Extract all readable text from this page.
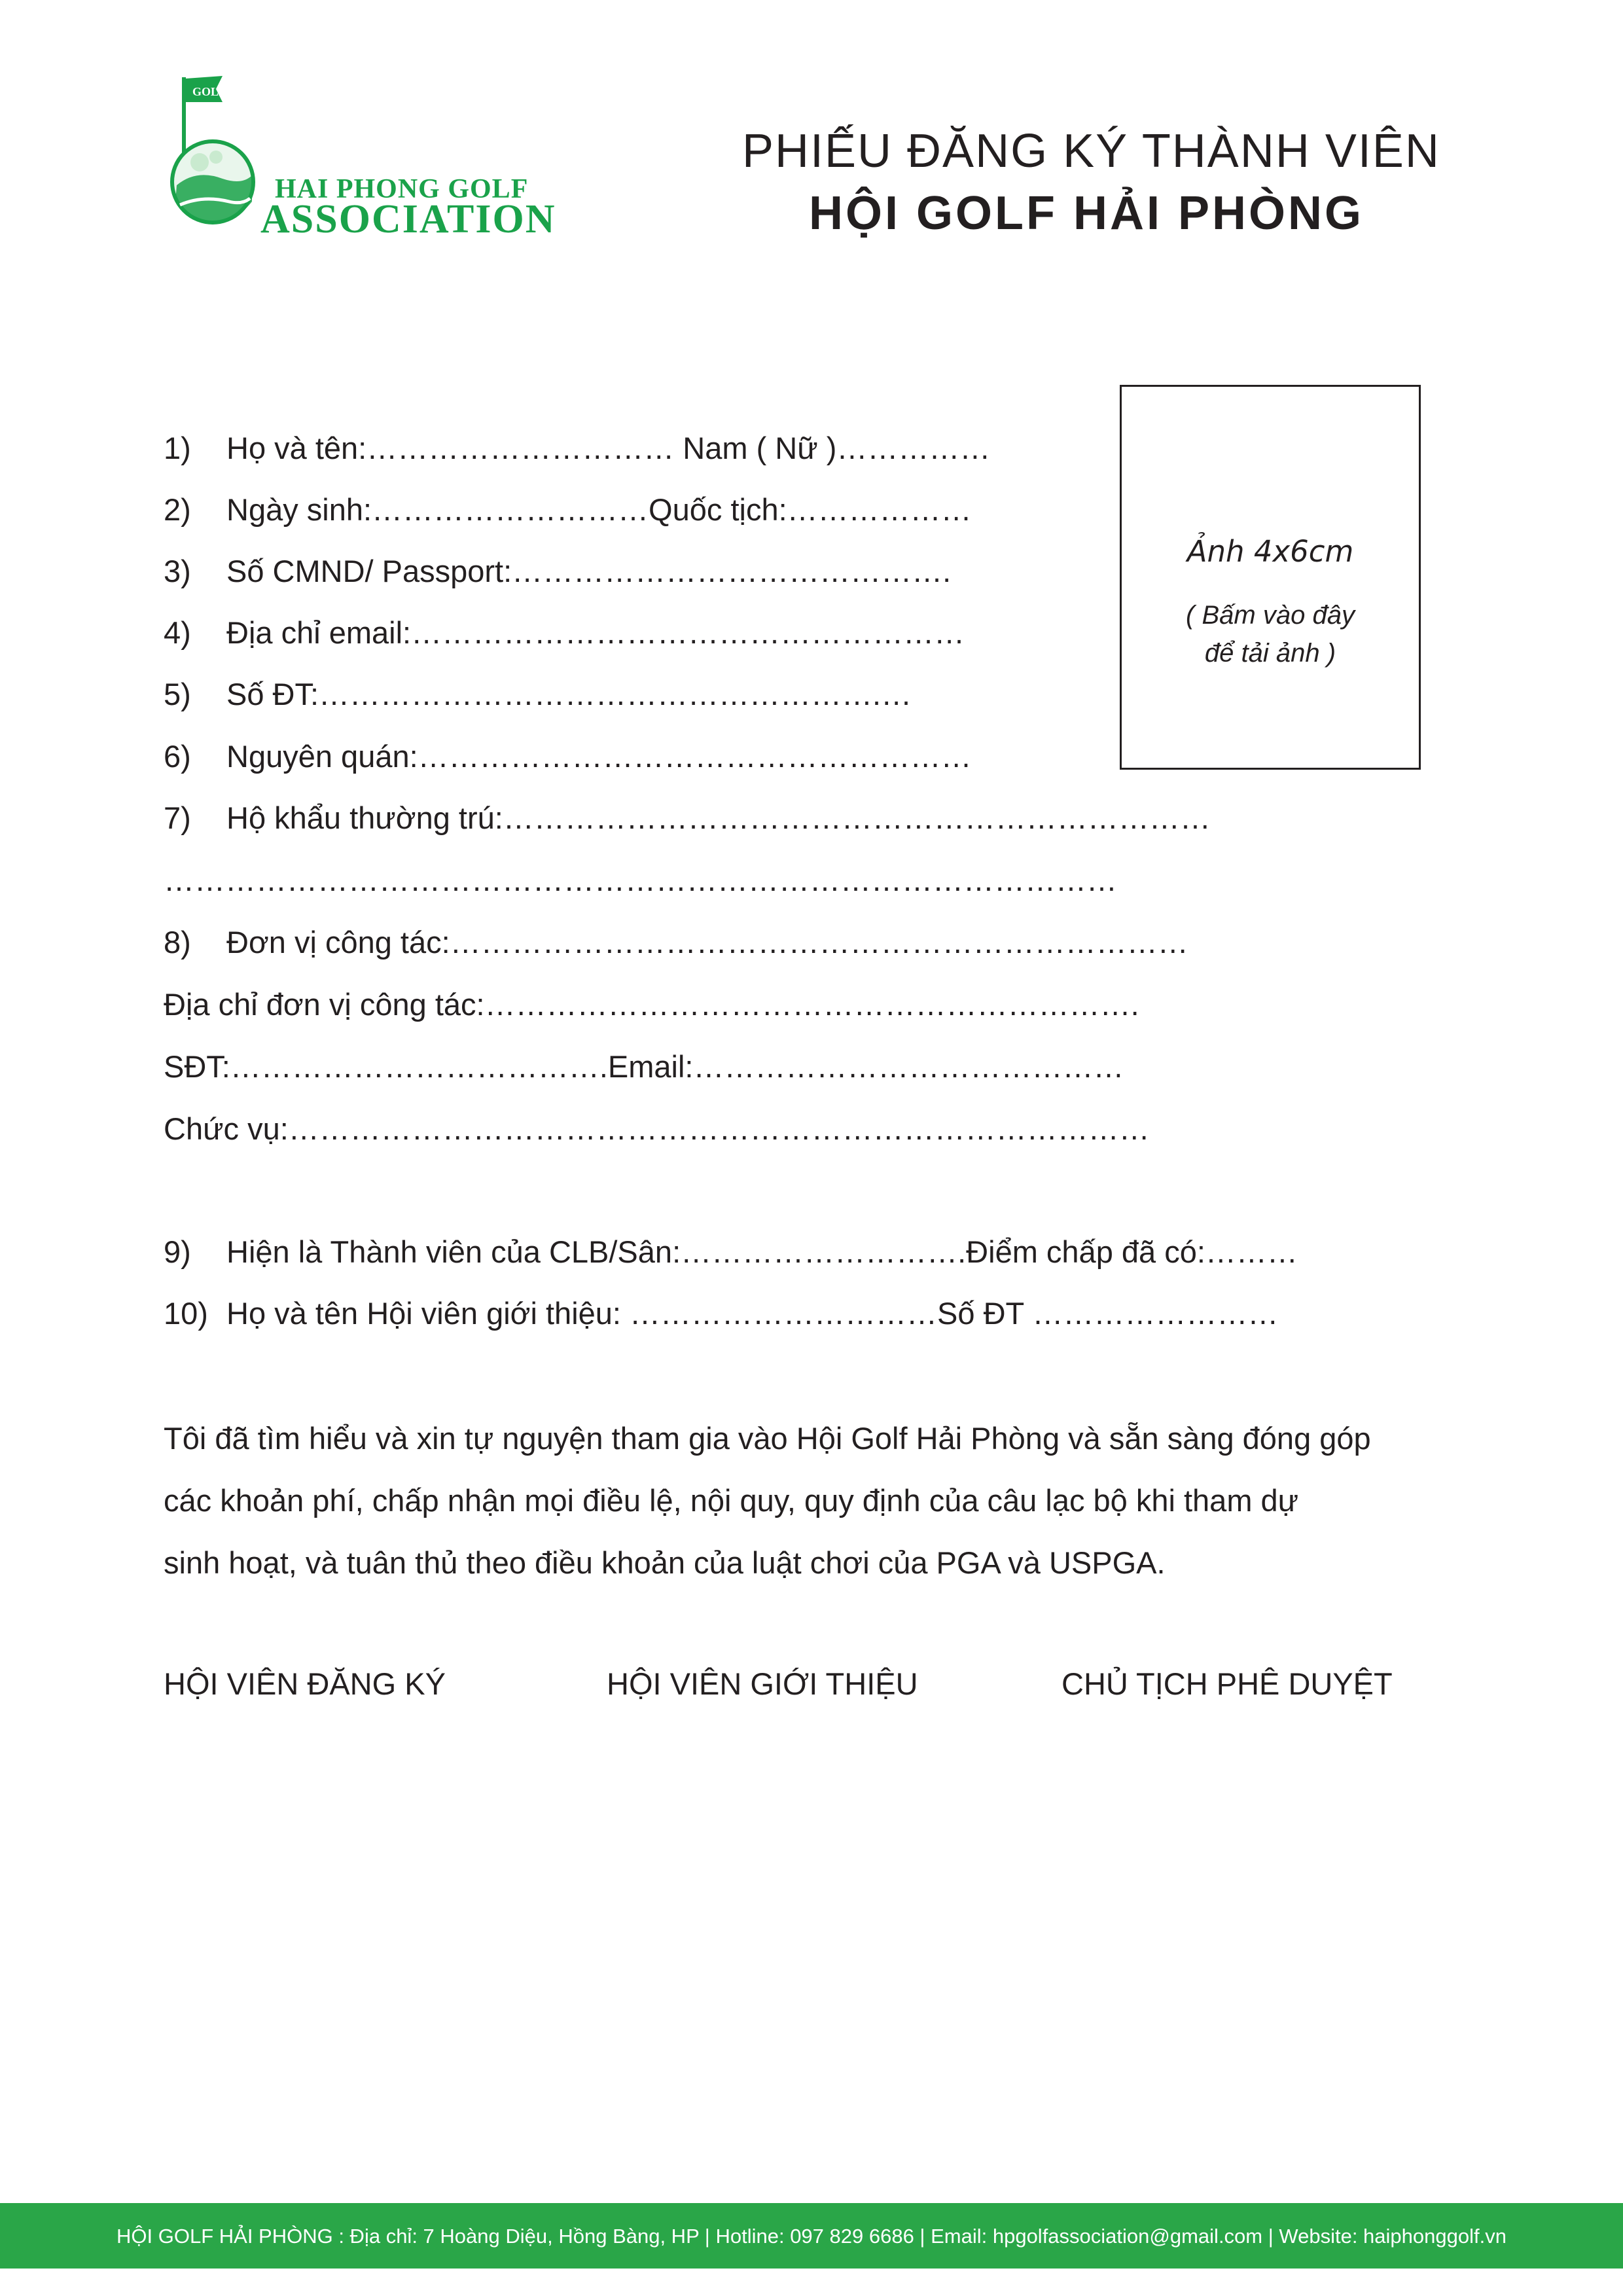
GOLF
HAI PHONG GOLF
ASSOCIATION
PHIẾU ĐĂNG KÝ THÀNH VIÊN
HỘI GOLF HẢI PHÒNG
Ảnh 4x6cm
( Bấm vào đây
để tải ảnh )
1) Họ và tên:………………………… Nam ( Nữ )……………
2) Ngày sinh:………………………Quốc tịch:………………
3) Số CMND/ Passport:…………………………………….
4) Địa chỉ email:………………………………………………
5) Số ĐT:……………………………………………….…
6) Nguyên quán:………………………………………………
7) Hộ khẩu thường trú:……………………………………………………………
…………………………………………………………………………………
8) Đơn vị công tác:………………………………………………………………
Địa chỉ đơn vị công tác:……………………………………………………….
SĐT:……………………………….Email:……………………………………
Chức vụ:…………………………………………………………………………
9) Hiện là Thành viên của CLB/Sân:……………………….Điểm chấp đã có:………
10) Họ và tên Hội viên giới thiệu: …………………………Số ĐT ……………………
Tôi đã tìm hiểu và xin tự nguyện tham gia vào Hội Golf Hải Phòng và sẵn sàng đóng góp
các khoản phí, chấp nhận mọi điều lệ, nội quy, quy định của câu lạc bộ khi tham dự
sinh hoạt, và tuân thủ theo điều khoản của luật chơi của PGA và USPGA.
HỘI VIÊN ĐĂNG KÝ	HỘI VIÊN GIỚI THIỆU	CHỦ TỊCH PHÊ DUYỆT
HỘI GOLF HẢI PHÒNG : Địa chỉ: 7 Hoàng Diệu, Hồng Bàng, HP | Hotline: 097 829 6686 | Email: hpgolfassociation@gmail.com | Website: haiphonggolf.vn
